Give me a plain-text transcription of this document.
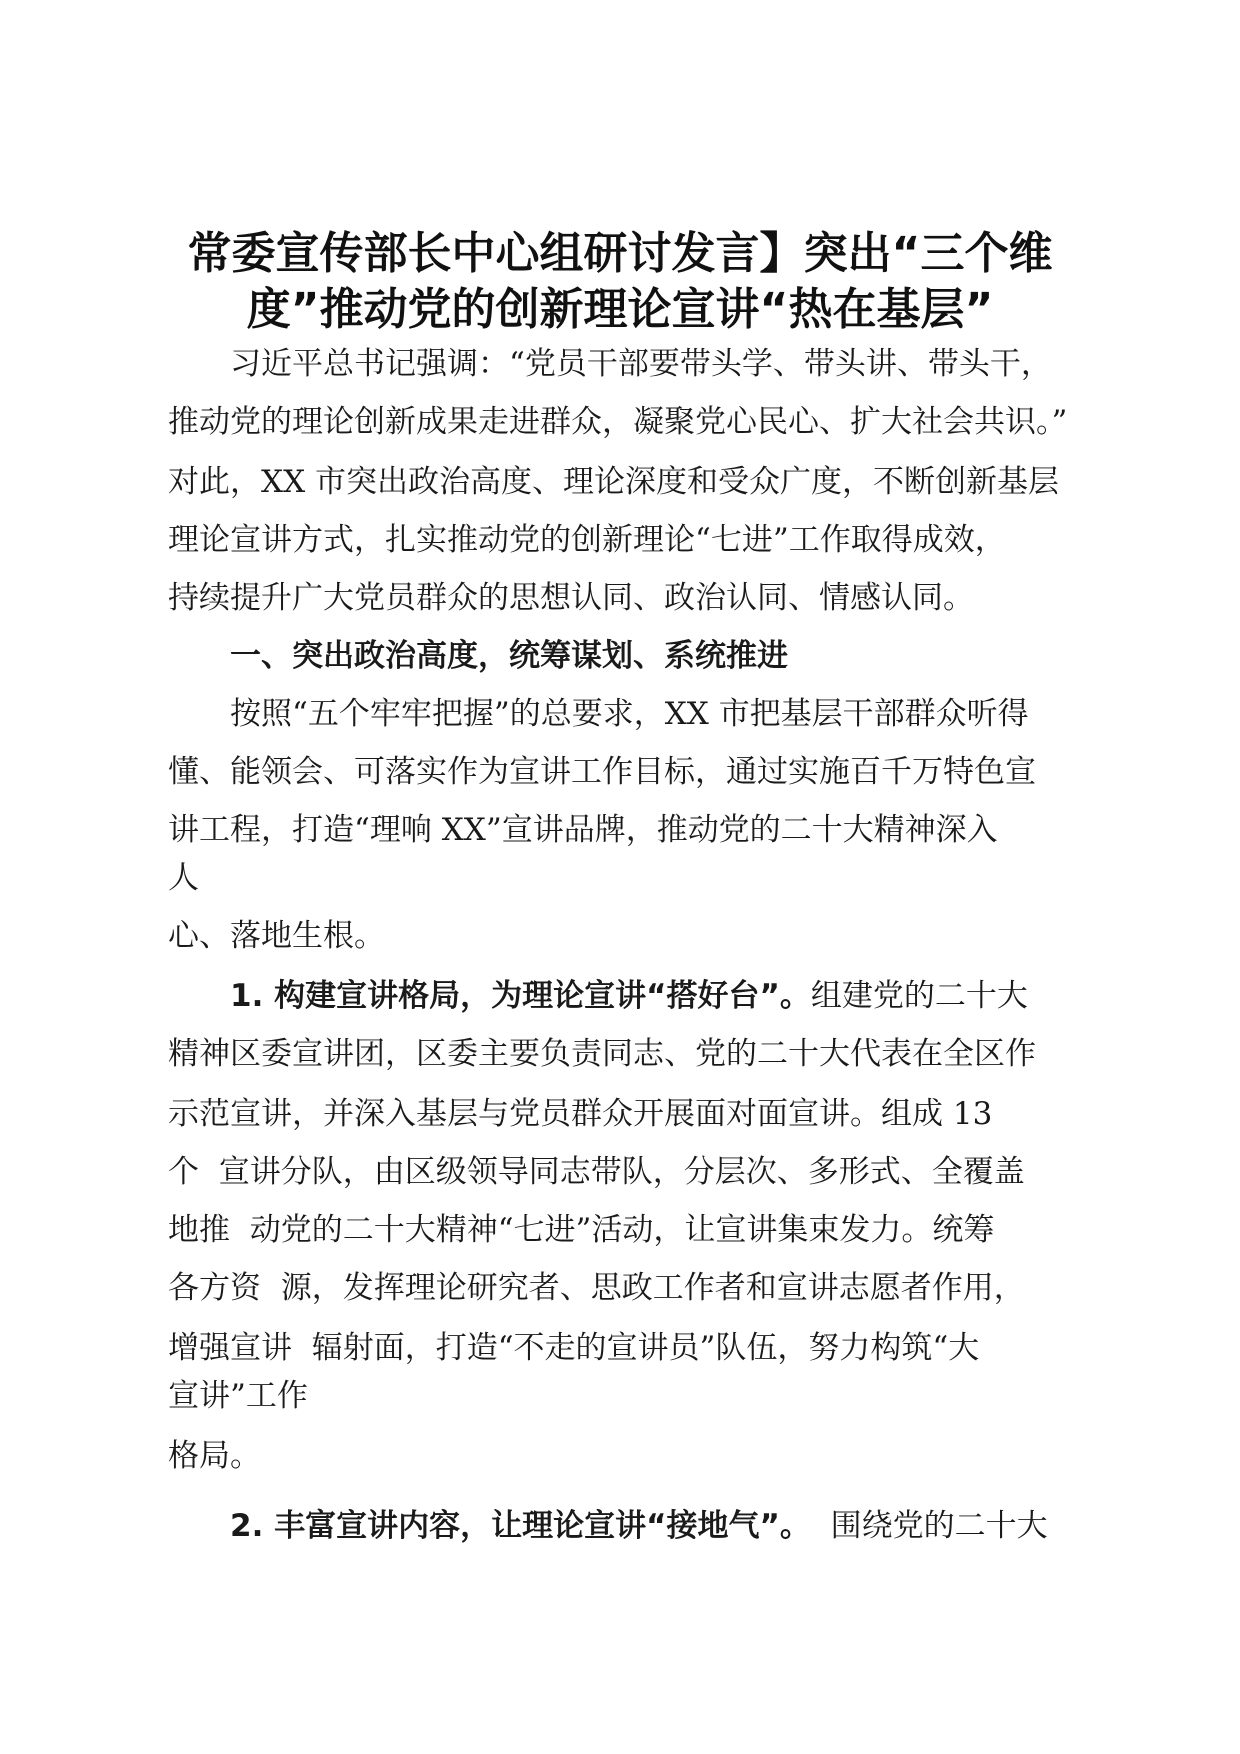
常委宣传部长中心组研讨发言】突出“三个维
度”推动党的创新理论宣讲“热在基层”
习近平总书记强调：“党员干部要带头学、带头讲、带头干，
推动党的理论创新成果走进群众，凝聚党心民心、扩大社会共识。”
对此，XX 市突出政治高度、理论深度和受众广度，不断创新基层
理论宣讲方式，扎实推动党的创新理论“七进”工作取得成效，
持续提升广大党员群众的思想认同、政治认同、情感认同。
一、突出政治高度，统筹谋划、系统推进
按照“五个牢牢把握”的总要求，XX 市把基层干部群众听得
懂、能领会、可落实作为宣讲工作目标，通过实施百千万特色宣
讲工程，打造“理响 XX”宣讲品牌，推动党的二十大精神深入
人
心、落地生根。
1. 构建宣讲格局，为理论宣讲“搭好台”。组建党的二十大
精神区委宣讲团，区委主要负责同志、党的二十大代表在全区作
示范宣讲，并深入基层与党员群众开展面对面宣讲。组成 13
个  宣讲分队，由区级领导同志带队，分层次、多形式、全覆盖
地推  动党的二十大精神“七进”活动，让宣讲集束发力。统筹
各方资  源，发挥理论研究者、思政工作者和宣讲志愿者作用，
增强宣讲  辐射面，打造“不走的宣讲员”队伍，努力构筑“大
宣讲”工作
格局。
2. 丰富宣讲内容，让理论宣讲“接地气”。  围绕党的二十大
